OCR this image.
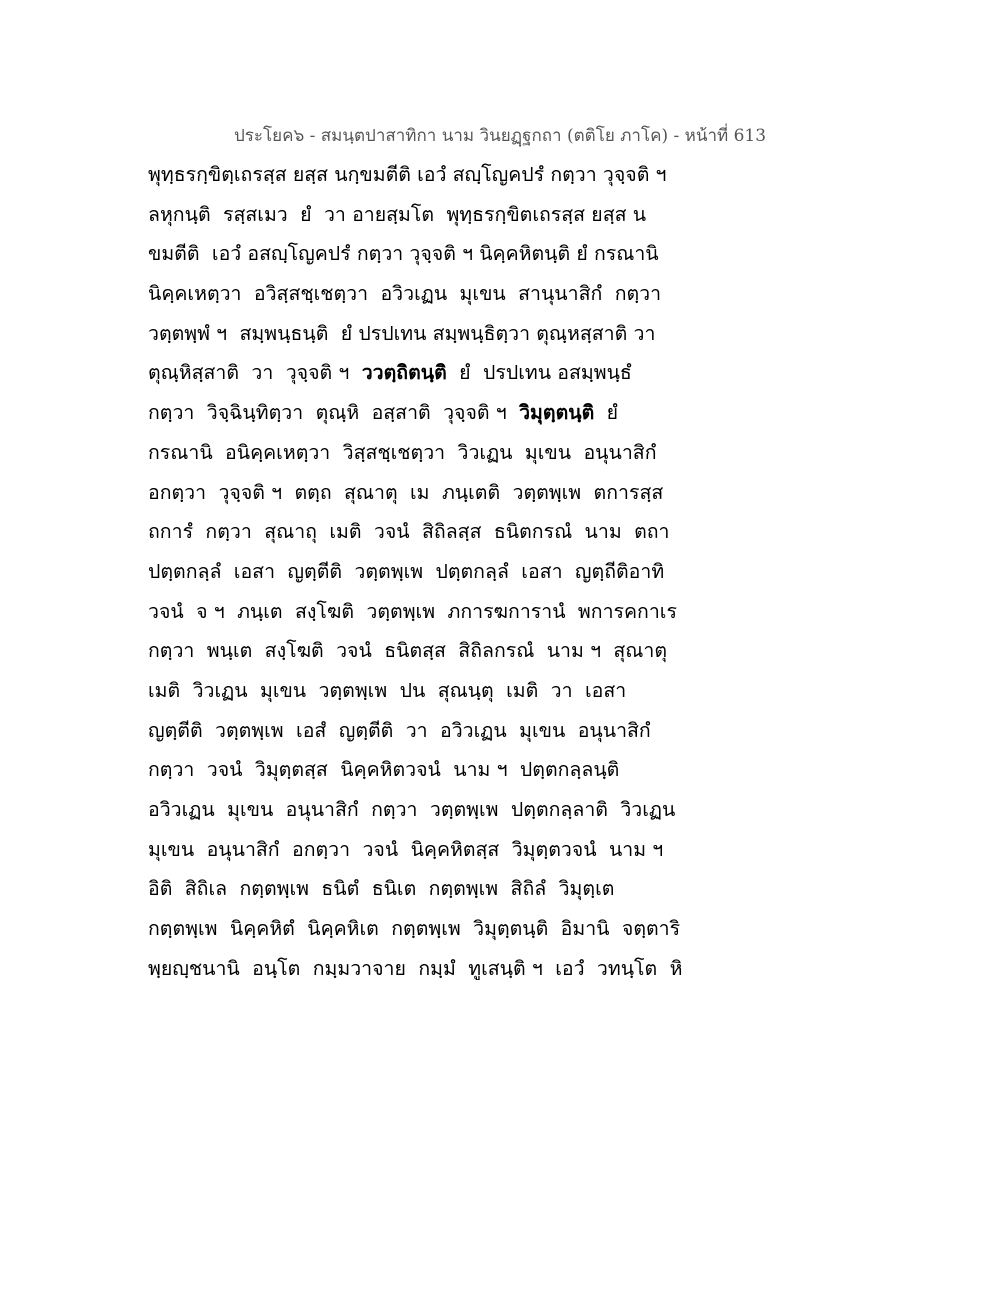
ประโยค๖ - สมนฺตปาสาทิกา นาม วินยฏฺฐกถา (ตติโย ภาโค) - หน้าที่ 613
พุทฺธรกฺขิตฺเถรสฺส ยสฺส นกฺขมตีติ เอวํ สญฺโญคปรํ กตฺวา วุจฺจติ ฯ
ลหุกนฺติ  รสฺสเมว  ยํ  วา อายสฺมโต  พุทฺธรกฺขิตเถรสฺส ยสฺส น
ขมตีติ  เอวํ อสญฺโญคปรํ กตฺวา วุจฺจติ ฯ นิคฺคหิตนฺติ ยํ กรณานิ
นิคฺคเหตฺวา  อวิสฺสชฺเชตฺวา  อวิวเฏน  มุเขน  สานุนาสิกํ  กตฺวา
วตฺตพฺพํ ฯ  สมฺพนฺธนฺติ  ยํ ปรปเทน สมฺพนฺธิตฺวา ตุณฺหสฺสาติ วา
ตุณฺหิสฺสาติ  วา  วุจฺจติ ฯ  ววตฺถิตนฺติ  ยํ  ปรปเทน อสมฺพนฺธํ
กตฺวา  วิจฺฉินฺทิตฺวา  ตุณฺหิ  อสฺสาติ  วุจฺจติ ฯ  วิมุตฺตนฺติ  ยํ
กรณานิ  อนิคฺคเหตฺวา  วิสฺสชฺเชตฺวา  วิวเฏน  มุเขน  อนุนาสิกํ
อกตฺวา  วุจฺจติ ฯ  ตตฺถ  สุณาตุ  เม  ภนฺเตติ  วตฺตพฺเพ  ตการสฺส
ถการํ  กตฺวา  สุณาถุ  เมติ  วจนํ  สิถิลสฺส  ธนิตกรณํ  นาม  ตถา
ปตฺตกลฺลํ  เอสา  ญตฺตีติ  วตฺตพฺเพ  ปตฺตกลฺลํ  เอสา  ญตฺถีติอาทิ
วจนํ  จ ฯ  ภนฺเต  สงฺโฆติ  วตฺตพฺเพ  ภการฆการานํ  พการคกาเร
กตฺวา  พนฺเต  สงฺโฆติ  วจนํ  ธนิตสฺส  สิถิลกรณํ  นาม ฯ  สุณาตุ
เมติ  วิวเฏน  มุเขน  วตฺตพฺเพ  ปน  สุณนฺตุ  เมติ  วา  เอสา
ญตฺตีติ  วตฺตพฺเพ  เอสํ  ญตฺตีติ  วา  อวิวเฏน  มุเขน  อนุนาสิกํ
กตฺวา  วจนํ  วิมุตฺตสฺส  นิคฺคหิตวจนํ  นาม ฯ  ปตฺตกลฺลนฺติ
อวิวเฏน  มุเขน  อนุนาสิกํ  กตฺวา  วตฺตพฺเพ  ปตฺตกลฺลาติ  วิวเฏน
มุเขน  อนุนาสิกํ  อกตฺวา  วจนํ  นิคฺคหิตสฺส  วิมุตฺตวจนํ  นาม ฯ
อิติ  สิถิเล  กตฺตพฺเพ  ธนิตํ  ธนิเต  กตฺตพฺเพ  สิถิลํ  วิมุตฺเต
กตฺตพฺเพ  นิคฺคหิตํ  นิคฺคหิเต  กตฺตพฺเพ  วิมุตฺตนฺติ  อิมานิ  จตฺตาริ
พฺยญฺชนานิ  อนฺโต  กมฺมวาจาย  กมฺมํ  ทูเสนฺติ ฯ  เอวํ  วทนฺโต  หิ
